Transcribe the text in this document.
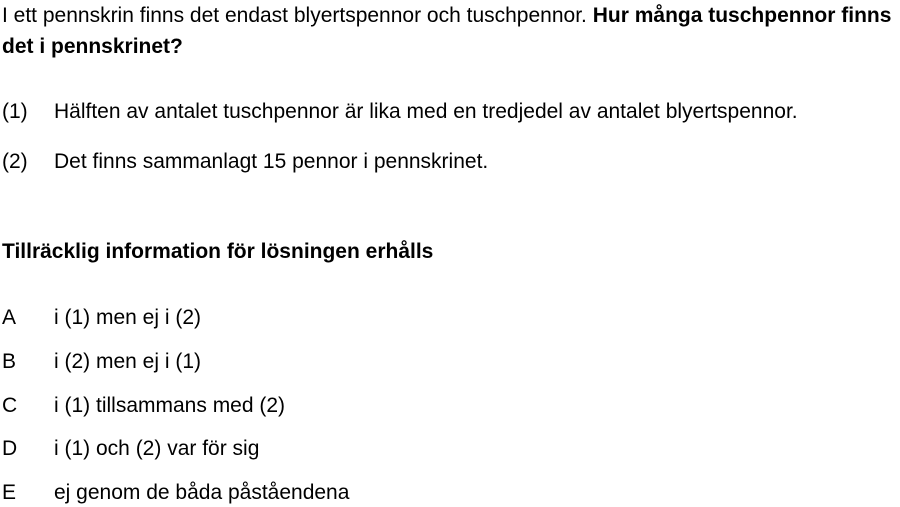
I ett pennskrin finns det endast blyertspennor och tuschpennor. Hur många tuschpennor finns det i pennskrinet?
(1) Hälften av antalet tuschpennor är lika med en tredjedel av antalet blyertspennor.
(2) Det finns sammanlagt 15 pennor i pennskrinet.
Tillräcklig information för lösningen erhålls
A i (1) men ej i (2)
B i (2) men ej i (1)
C i (1) tillsammans med (2)
D i (1) och (2) var för sig
E ej genom de båda påståendena
